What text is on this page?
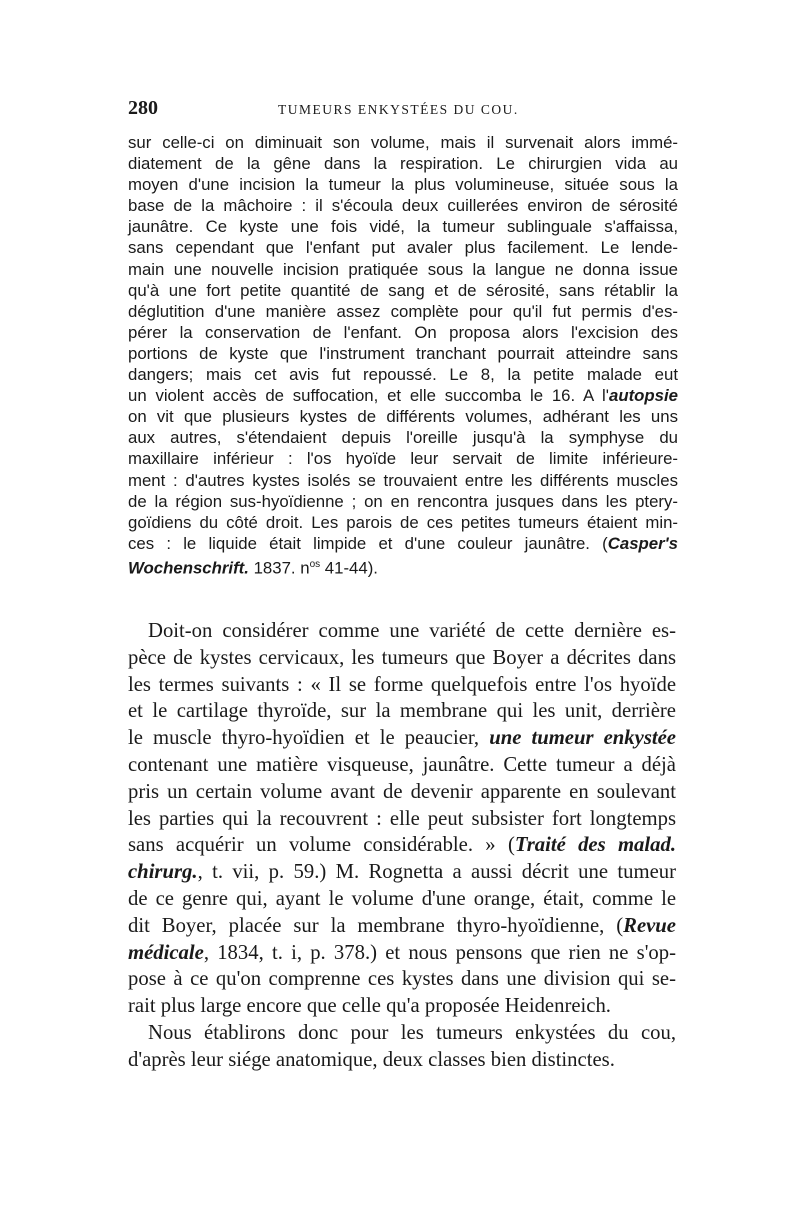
280	TUMEURS ENKYSTÉES DU COU.
sur celle-ci on diminuait son volume, mais il survenait alors immé-
diatement de la gêne dans la respiration. Le chirurgien vida au
moyen d'une incision la tumeur la plus volumineuse, située sous la
base de la mâchoire : il s'écoula deux cuillerées environ de sérosité
jaunâtre. Ce kyste une fois vidé, la tumeur sublinguale s'affaissa,
sans cependant que l'enfant put avaler plus facilement. Le lende-
main une nouvelle incision pratiquée sous la langue ne donna issue
qu'à une fort petite quantité de sang et de sérosité, sans rétablir la
déglutition d'une manière assez complète pour qu'il fut permis d'es-
pérer la conservation de l'enfant. On proposa alors l'excision des
portions de kyste que l'instrument tranchant pourrait atteindre sans
dangers; mais cet avis fut repoussé. Le 8, la petite malade eut
un violent accès de suffocation, et elle succomba le 16. A l'autopsie
on vit que plusieurs kystes de différents volumes, adhérant les uns
aux autres, s'étendaient depuis l'oreille jusqu'à la symphyse du
maxillaire inférieur : l'os hyoïde leur servait de limite inférieure-
ment : d'autres kystes isolés se trouvaient entre les différents muscles
de la région sus-hyoïdienne ; on en rencontra jusques dans les ptery-
goïdiens du côté droit. Les parois de ces petites tumeurs étaient min-
ces : le liquide était limpide et d'une couleur jaunâtre. (Casper's
Wochenschrift. 1837. $n^{os}$ 41-44).
Doit-on considérer comme une variété de cette dernière es-
pèce de kystes cervicaux, les tumeurs que Boyer a décrites dans
les termes suivants : « Il se forme quelquefois entre l'os hyoïde
et le cartilage thyroïde, sur la membrane qui les unit, derrière
le muscle thyro-hyoïdien et le peaucier, une tumeur enkystée
contenant une matière visqueuse, jaunâtre. Cette tumeur a déjà
pris un certain volume avant de devenir apparente en soulevant
les parties qui la recouvrent : elle peut subsister fort longtemps
sans acquérir un volume considérable. » (Traité des malad.
chirurg., t. vii, p. 59.) M. Rognetta a aussi décrit une tumeur
de ce genre qui, ayant le volume d'une orange, était, comme le
dit Boyer, placée sur la membrane thyro-hyoïdienne, (Revue
médicale, 1834, t. i, p. 378.) et nous pensons que rien ne s'op-
pose à ce qu'on comprenne ces kystes dans une division qui se-
rait plus large encore que celle qu'a proposée Heidenreich.
Nous établirons donc pour les tumeurs enkystées du cou,
d'après leur siége anatomique, deux classes bien distinctes.
